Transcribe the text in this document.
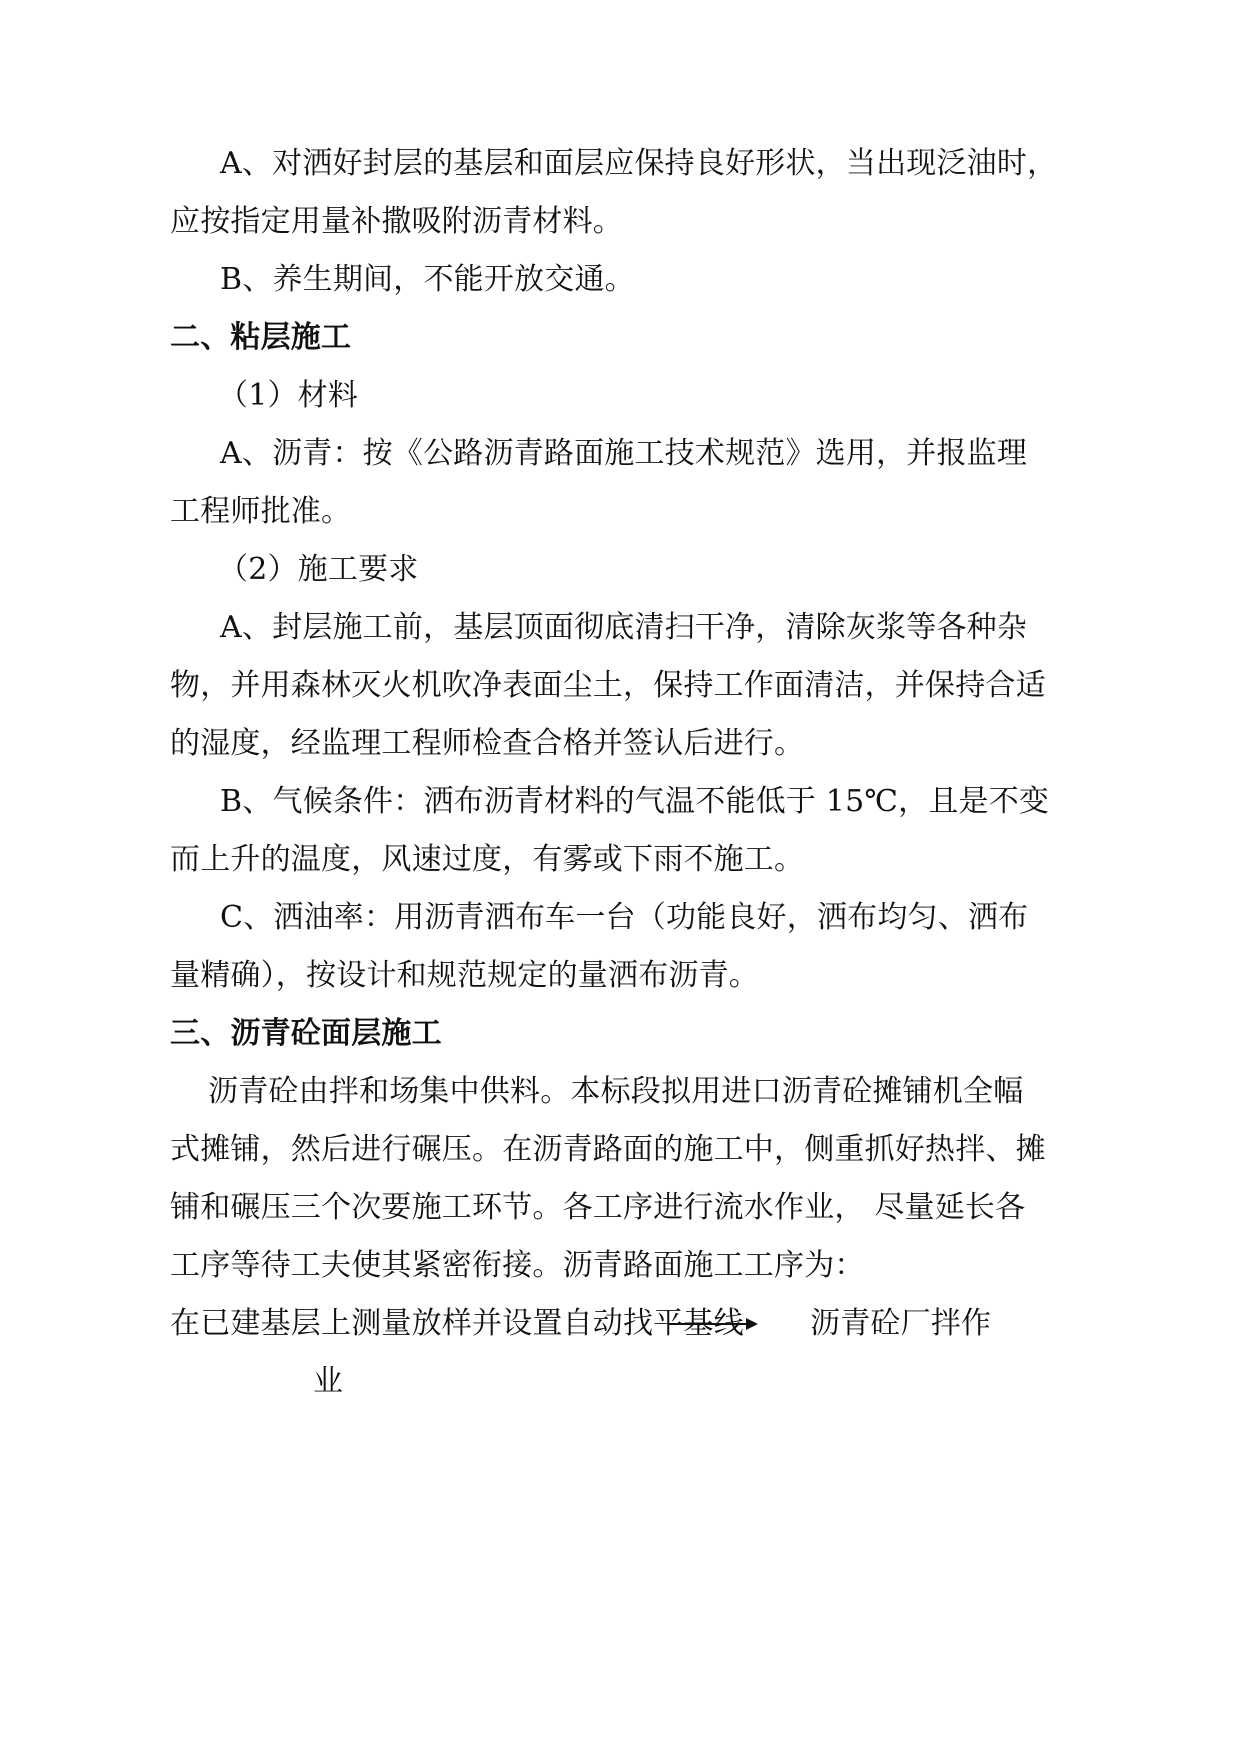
A、对洒好封层的基层和面层应保持良好形状，当出现泛油时，
应按指定用量补撒吸附沥青材料。
B、养生期间，不能开放交通。
二、粘层施工
（1）材料
A、沥青：按《公路沥青路面施工技术规范》选用，并报监理
工程师批准。
（2）施工要求
A、封层施工前，基层顶面彻底清扫干净，清除灰浆等各种杂
物，并用森林灭火机吹净表面尘土，保持工作面清洁，并保持合适
的湿度，经监理工程师检查合格并签认后进行。
B、气候条件：洒布沥青材料的气温不能低于 15℃，且是不变
而上升的温度，风速过度，有雾或下雨不施工。
C、洒油率：用沥青洒布车一台（功能良好，洒布均匀、洒布
量精确），按设计和规范规定的量洒布沥青。
三、沥青砼面层施工
沥青砼由拌和场集中供料。本标段拟用进口沥青砼摊铺机全幅
式摊铺，然后进行碾压。在沥青路面的施工中，侧重抓好热拌、摊
铺和碾压三个次要施工环节。各工序进行流水作业， 尽量延长各
工序等待工夫使其紧密衔接。沥青路面施工工序为：
在已建基层上测量放样并设置自动找平基线 沥青砼厂拌作
业
